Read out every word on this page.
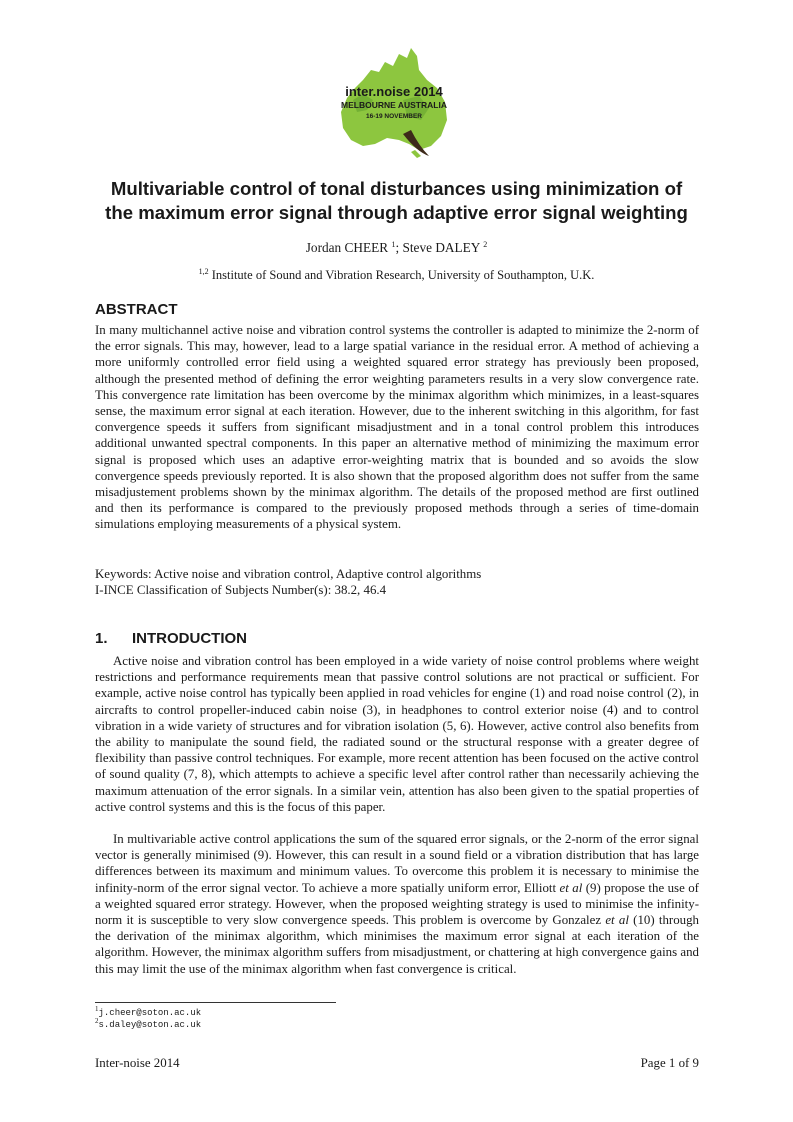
inter.noise 2014
MELBOURNE AUSTRALIA
16-19 NOVEMBER
Multivariable control of tonal disturbances using minimization of
the maximum error signal through adaptive error signal weighting
Jordan CHEER $^1$; Steve DALEY $^2$
$^{1,2}$ Institute of Sound and Vibration Research, University of Southampton, U.K.
ABSTRACT

In many multichannel active noise and vibration control systems the controller is adapted to minimize the 2-norm of the error signals. This may, however, lead to a large spatial variance in the residual error. A method of achieving a more uniformly controlled error field using a weighted squared error strategy has previously been proposed, although the presented method of defining the error weighting parameters results in a very slow convergence rate. This convergence rate limitation has been overcome by the minimax algorithm which minimizes, in a least-squares sense, the maximum error signal at each iteration. However, due to the inherent switching in this algorithm, for fast convergence speeds it suffers from significant misadjustment and in a tonal control problem this introduces additional unwanted spectral components. In this paper an alternative method of minimizing the maximum error signal is proposed which uses an adaptive error-weighting matrix that is bounded and so avoids the slow convergence speeds previously reported. It is also shown that the proposed algorithm does not suffer from the same misadjustement problems shown by the minimax algorithm. The details of the proposed method are first outlined and then its performance is compared to the previously proposed methods through a series of time-domain simulations employing measurements of a physical system.

Keywords: Active noise and vibration control, Adaptive control algorithms

I-INCE Classification of Subjects Number(s): 38.2, 46.4

1. INTRODUCTION

Active noise and vibration control has been employed in a wide variety of noise control problems where weight restrictions and performance requirements mean that passive control solutions are not practical or sufficient. For example, active noise control has typically been applied in road vehicles for engine (1) and road noise control (2), in aircrafts to control propeller-induced cabin noise (3), in headphones to control exterior noise (4) and to control vibration in a wide variety of structures and for vibration isolation (5, 6). However, active control also benefits from the ability to manipulate the sound field, the radiated sound or the structural response with a greater degree of flexibility than passive control techniques. For example, more recent attention has been focused on the active control of sound quality (7, 8), which attempts to achieve a specific level after control rather than necessarily achieving the maximum attenuation of the error signals. In a similar vein, attention has also been given to the spatial properties of active control systems and this is the focus of this paper.

In multivariable active control applications the sum of the squared error signals, or the 2-norm of the error signal vector is generally minimised (9). However, this can result in a sound field or a vibration distribution that has large differences between its maximum and minimum values. To overcome this problem it is necessary to minimise the infinity-norm of the error signal vector. To achieve a more spatially uniform error, Elliott et al (9) propose the use of a weighted squared error strategy. However, when the proposed weighting strategy is used to minimise the infinity-norm it is susceptible to very slow convergence speeds. This problem is overcome by Gonzalez et al (10) through the derivation of the minimax algorithm, which minimises the maximum error signal at each iteration of the algorithm. However, the minimax algorithm suffers from misadjustment, or chattering at high convergence gains and this may limit the use of the minimax algorithm when fast convergence is critical.

$^1$j.cheer@soton.ac.uk
$^2$s.daley@soton.ac.uk
Inter-noise 2014	Page 1 of 9
